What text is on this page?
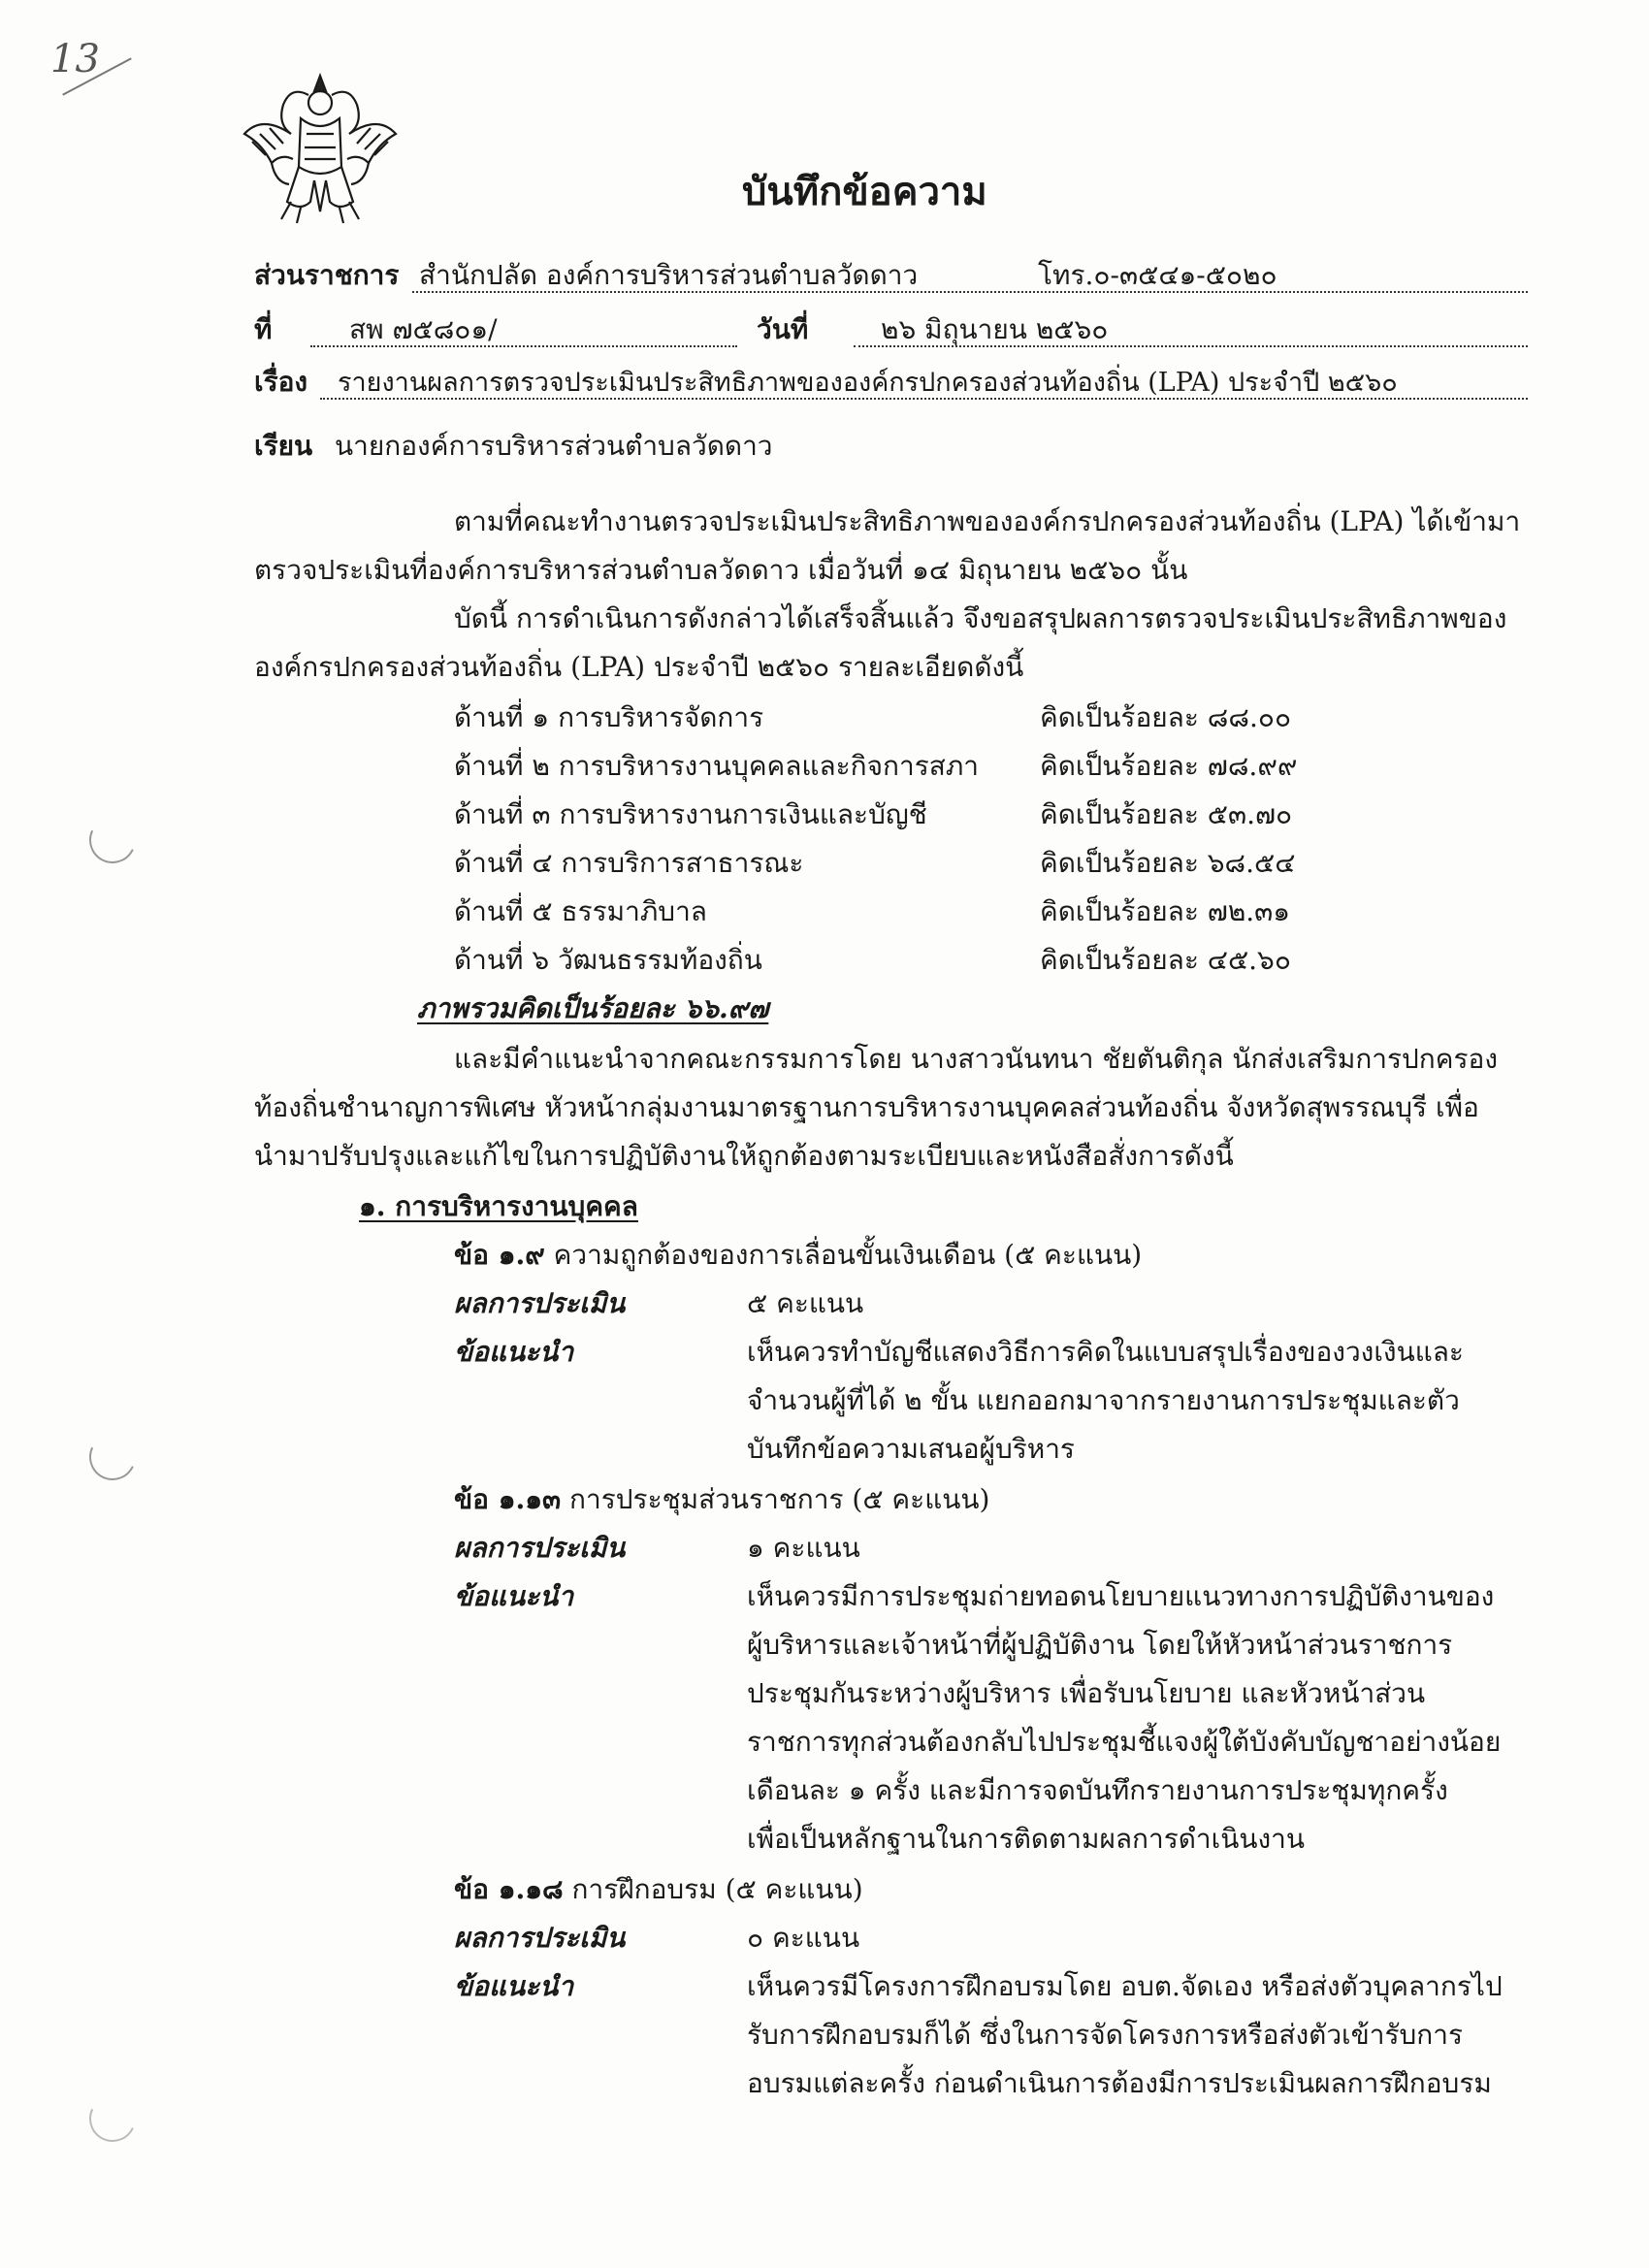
13
บันทึกข้อความ
ส่วนราชการ สำนักปลัด องค์การบริหารส่วนตำบลวัดดาว	โทร.๐-๓๕๔๑-๕๐๒๐
ที่	สพ ๗๕๘๐๑/	วันที่	๒๖ มิถุนายน ๒๕๖๐
เรื่อง รายงานผลการตรวจประเมินประสิทธิภาพขององค์กรปกครองส่วนท้องถิ่น (LPA) ประจำปี ๒๕๖๐
เรียน นายกองค์การบริหารส่วนตำบลวัดดาว
ตามที่คณะทำงานตรวจประเมินประสิทธิภาพขององค์กรปกครองส่วนท้องถิ่น (LPA) ได้เข้ามา
ตรวจประเมินที่องค์การบริหารส่วนตำบลวัดดาว เมื่อวันที่ ๑๔ มิถุนายน ๒๕๖๐ นั้น
บัดนี้ การดำเนินการดังกล่าวได้เสร็จสิ้นแล้ว จึงขอสรุปผลการตรวจประเมินประสิทธิภาพของ
องค์กรปกครองส่วนท้องถิ่น (LPA) ประจำปี ๒๕๖๐ รายละเอียดดังนี้
ด้านที่ ๑ การบริหารจัดการ	คิดเป็นร้อยละ ๘๘.๐๐
ด้านที่ ๒ การบริหารงานบุคคลและกิจการสภา คิดเป็นร้อยละ ๗๘.๙๙
ด้านที่ ๓ การบริหารงานการเงินและบัญชี	คิดเป็นร้อยละ ๕๓.๗๐
ด้านที่ ๔ การบริการสาธารณะ	คิดเป็นร้อยละ ๖๘.๕๔
ด้านที่ ๕ ธรรมาภิบาล	คิดเป็นร้อยละ ๗๒.๓๑
ด้านที่ ๖ วัฒนธรรมท้องถิ่น	คิดเป็นร้อยละ ๔๕.๖๐
ภาพรวมคิดเป็นร้อยละ ๖๖.๙๗
และมีคำแนะนำจากคณะกรรมการโดย นางสาวนันทนา ชัยตันติกุล นักส่งเสริมการปกครอง
ท้องถิ่นชำนาญการพิเศษ หัวหน้ากลุ่มงานมาตรฐานการบริหารงานบุคคลส่วนท้องถิ่น จังหวัดสุพรรณบุรี เพื่อ
นำมาปรับปรุงและแก้ไขในการปฏิบัติงานให้ถูกต้องตามระเบียบและหนังสือสั่งการดังนี้
๑. การบริหารงานบุคคล
ข้อ ๑.๙ ความถูกต้องของการเลื่อนขั้นเงินเดือน (๕ คะแนน)
ผลการประเมิน	๕ คะแนน
ข้อแนะนำ	เห็นควรทำบัญชีแสดงวิธีการคิดในแบบสรุปเรื่องของวงเงินและ
จำนวนผู้ที่ได้ ๒ ขั้น แยกออกมาจากรายงานการประชุมและตัว
บันทึกข้อความเสนอผู้บริหาร
ข้อ ๑.๑๓ การประชุมส่วนราชการ (๕ คะแนน)
ผลการประเมิน	๑ คะแนน
ข้อแนะนำ	เห็นควรมีการประชุมถ่ายทอดนโยบายแนวทางการปฏิบัติงานของ
ผู้บริหารและเจ้าหน้าที่ผู้ปฏิบัติงาน โดยให้หัวหน้าส่วนราชการ
ประชุมกันระหว่างผู้บริหาร เพื่อรับนโยบาย และหัวหน้าส่วน
ราชการทุกส่วนต้องกลับไปประชุมชี้แจงผู้ใต้บังคับบัญชาอย่างน้อย
เดือนละ ๑ ครั้ง และมีการจดบันทึกรายงานการประชุมทุกครั้ง
เพื่อเป็นหลักฐานในการติดตามผลการดำเนินงาน
ข้อ ๑.๑๘ การฝึกอบรม (๕ คะแนน)
ผลการประเมิน	๐ คะแนน
ข้อแนะนำ	เห็นควรมีโครงการฝึกอบรมโดย อบต.จัดเอง หรือส่งตัวบุคลากรไป
รับการฝึกอบรมก็ได้ ซึ่งในการจัดโครงการหรือส่งตัวเข้ารับการ
อบรมแต่ละครั้ง ก่อนดำเนินการต้องมีการประเมินผลการฝึกอบรม
